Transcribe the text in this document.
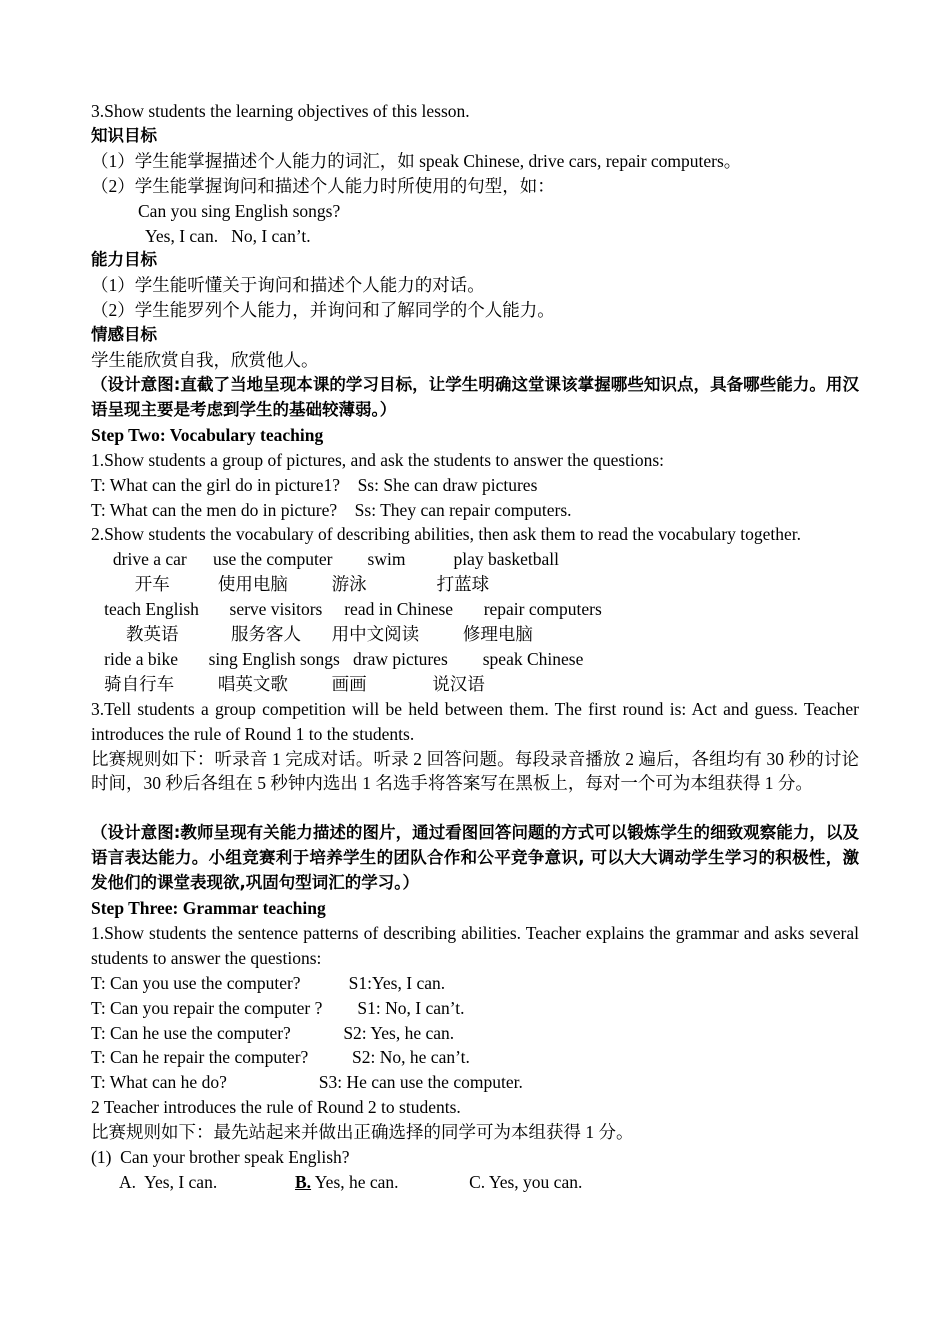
3.Show students the learning objectives of this lesson.
知识目标
（1）学生能掌握描述个人能力的词汇，如 speak Chinese, drive cars, repair computers。
（2）学生能掌握询问和描述个人能力时所使用的句型，如：
Can you sing English songs?
Yes, I can.   No, I can’t.
能力目标
（1）学生能听懂关于询问和描述个人能力的对话。
（2）学生能罗列个人能力，并询问和了解同学的个人能力。
情感目标
学生能欣赏自我，欣赏他人。
（设计意图:直截了当地呈现本课的学习目标，让学生明确这堂课该掌握哪些知识点，具备哪些能力。用汉语呈现主要是考虑到学生的基础较薄弱。）
Step Two: Vocabulary teaching
1.Show students a group of pictures, and ask the students to answer the questions:
T: What can the girl do in picture1?    Ss: She can draw pictures
T: What can the men do in picture?    Ss: They can repair computers.
2.Show students the vocabulary of describing abilities, then ask them to read the vocabulary together.
drive a car      use the computer        swim           play basketball
开车           使用电脑          游泳                打蓝球
teach English       serve visitors     read in Chinese       repair computers
教英语            服务客人       用中文阅读          修理电脑
ride a bike       sing English songs   draw pictures        speak Chinese
骑自行车          唱英文歌          画画               说汉语
3.Tell students a group competition will be held between them. The first round is: Act and guess. Teacher introduces the rule of Round 1 to the students.
比赛规则如下：听录音 1 完成对话。听录 2 回答问题。每段录音播放 2 遍后，各组均有 30 秒的讨论时间，30 秒后各组在 5 秒钟内选出 1 名选手将答案写在黑板上，每对一个可为本组获得 1 分。
（设计意图:教师呈现有关能力描述的图片，通过看图回答问题的方式可以锻炼学生的细致观察能力，以及语言表达能力。小组竞赛利于培养学生的团队合作和公平竞争意识, 可以大大调动学生学习的积极性，激发他们的课堂表现欲,巩固句型词汇的学习。）
Step Three: Grammar teaching
1.Show students the sentence patterns of describing abilities. Teacher explains the grammar and asks several students to answer the questions:
T: Can you use the computer?           S1:Yes, I can.
T: Can you repair the computer ?        S1: No, I can’t.
T: Can he use the computer?            S2: Yes, he can.
T: Can he repair the computer?          S2: No, he can’t.
T: What can he do?                     S3: He can use the computer.
2 Teacher introduces the rule of Round 2 to students.
比赛规则如下：最先站起来并做出正确选择的同学可为本组获得 1 分。
(1)  Can your brother speak English?
A.  Yes, I can.	B. Yes, he can.	C. Yes, you can.
